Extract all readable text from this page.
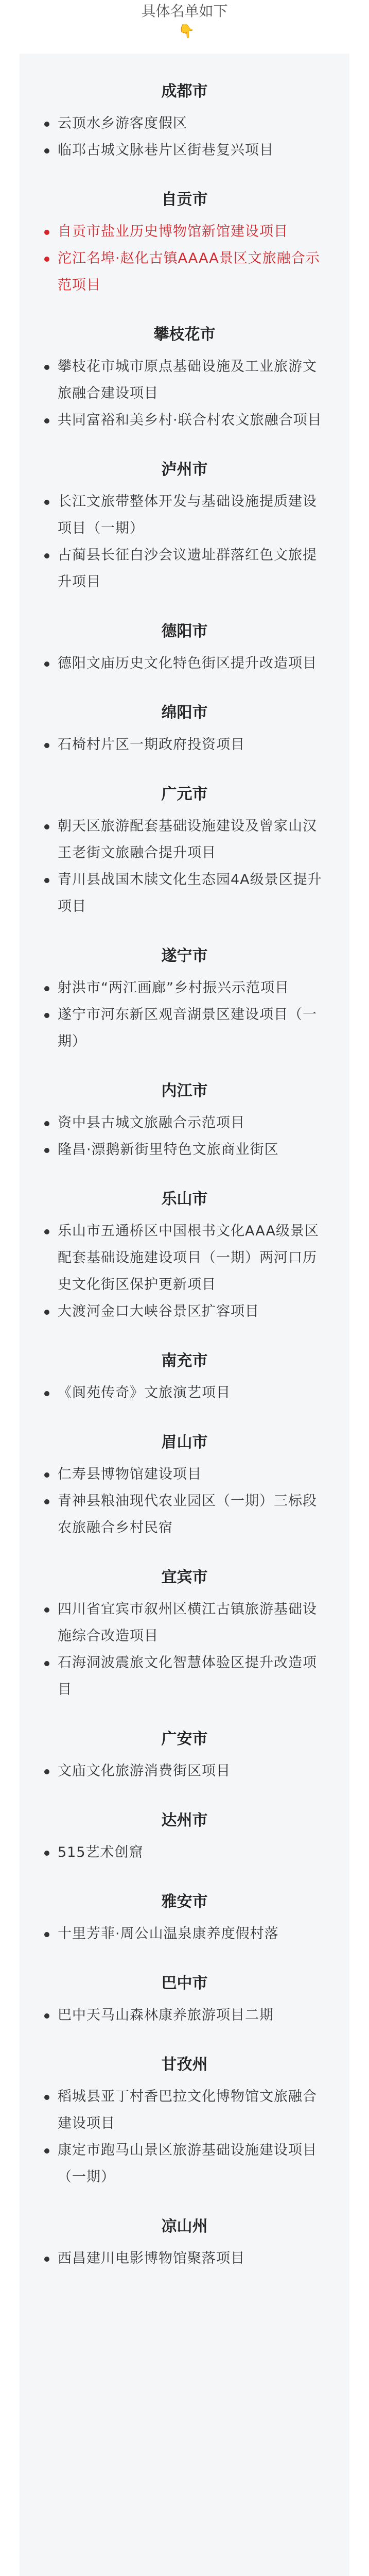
具体名单如下
👇
成都市
云顶水乡游客度假区
临邛古城文脉巷片区街巷复兴项目
自贡市
自贡市盐业历史博物馆新馆建设项目
沱江名埠·赵化古镇AAAA景区文旅融合示范项目
攀枝花市
攀枝花市城市原点基础设施及工业旅游文旅融合建设项目
共同富裕和美乡村·联合村农文旅融合项目
泸州市
长江文旅带整体开发与基础设施提质建设项目（一期）
古蔺县长征白沙会议遗址群落红色文旅提升项目
德阳市
德阳文庙历史文化特色街区提升改造项目
绵阳市
石椅村片区一期政府投资项目
广元市
朝天区旅游配套基础设施建设及曾家山汉王老街文旅融合提升项目
青川县战国木牍文化生态园4A级景区提升项目
遂宁市
射洪市“两江画廊”乡村振兴示范项目
遂宁市河东新区观音湖景区建设项目（一期）
内江市
资中县古城文旅融合示范项目
隆昌·漂鹅新街里特色文旅商业街区
乐山市
乐山市五通桥区中国根书文化AAA级景区配套基础设施建设项目（一期）两河口历史文化街区保护更新项目
大渡河金口大峡谷景区扩容项目
南充市
《阆苑传奇》文旅演艺项目
眉山市
仁寿县博物馆建设项目
青神县粮油现代农业园区（一期）三标段农旅融合乡村民宿
宜宾市
四川省宜宾市叙州区横江古镇旅游基础设施综合改造项目
石海洞波震旅文化智慧体验区提升改造项目
广安市
文庙文化旅游消费街区项目
达州市
515艺术创窟
雅安市
十里芳菲·周公山温泉康养度假村落
巴中市
巴中天马山森林康养旅游项目二期
甘孜州
稻城县亚丁村香巴拉文化博物馆文旅融合建设项目
康定市跑马山景区旅游基础设施建设项目（一期）
凉山州
西昌建川电影博物馆聚落项目
